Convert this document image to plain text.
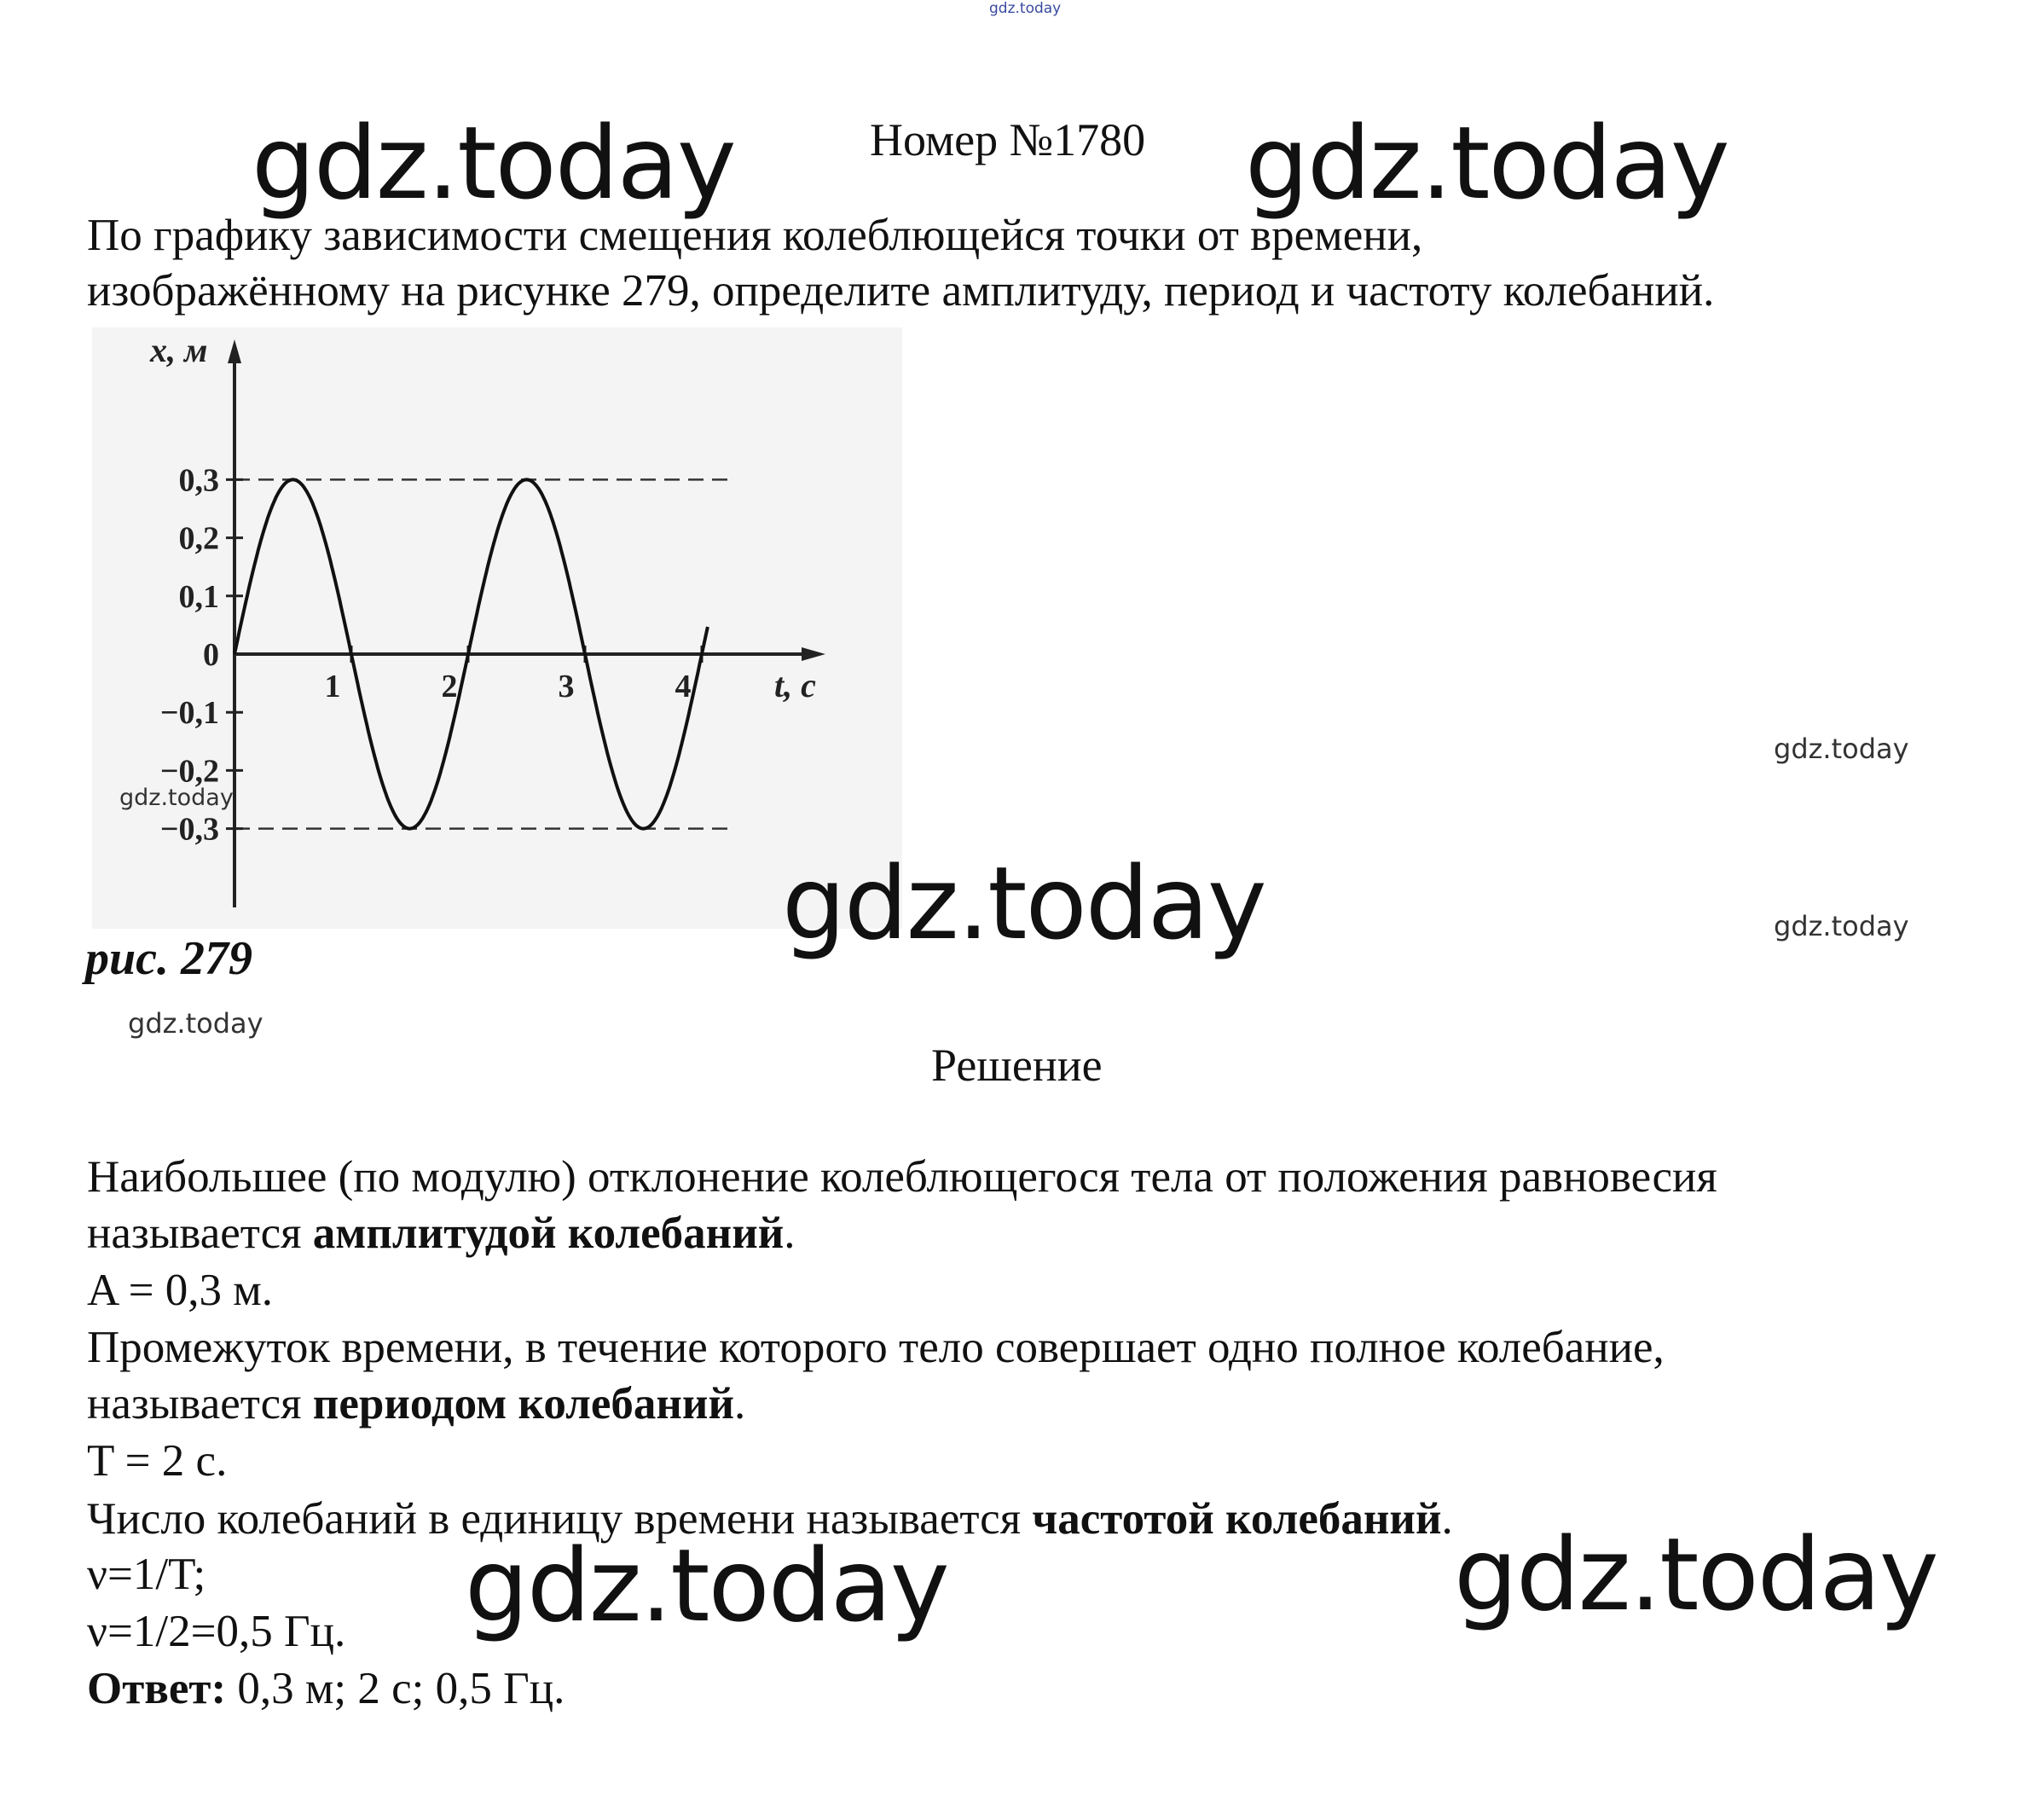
gdz.today
gdz.today	gdz.today
Номер №1780
По графику зависимости смещения колеблющейся точки от времени,
изображённому на рисунке 279, определите амплитуду, период и частоту колебаний.
0,3
0,2
0,1
0
−0,1
−0,2
−0,3
1	2	3	4 t, с
x, м
gdz.today
gdz.today
gdz.today	gdz.today
рис. 279
gdz.today
Решение
Наибольшее (по модулю) отклонение колеблющегося тела от положения равновесия
называется амплитудой колебаний.
A = 0,3 м.
Промежуток времени, в течение которого тело совершает одно полное колебание,
называется периодом колебаний.
T = 2 с.
Число колебаний в единицу времени называется частотой колебаний.
ν=1/T;
ν=1/2=0,5 Гц.
Ответ: 0,3 м; 2 с; 0,5 Гц.
gdz.today	gdz.today
